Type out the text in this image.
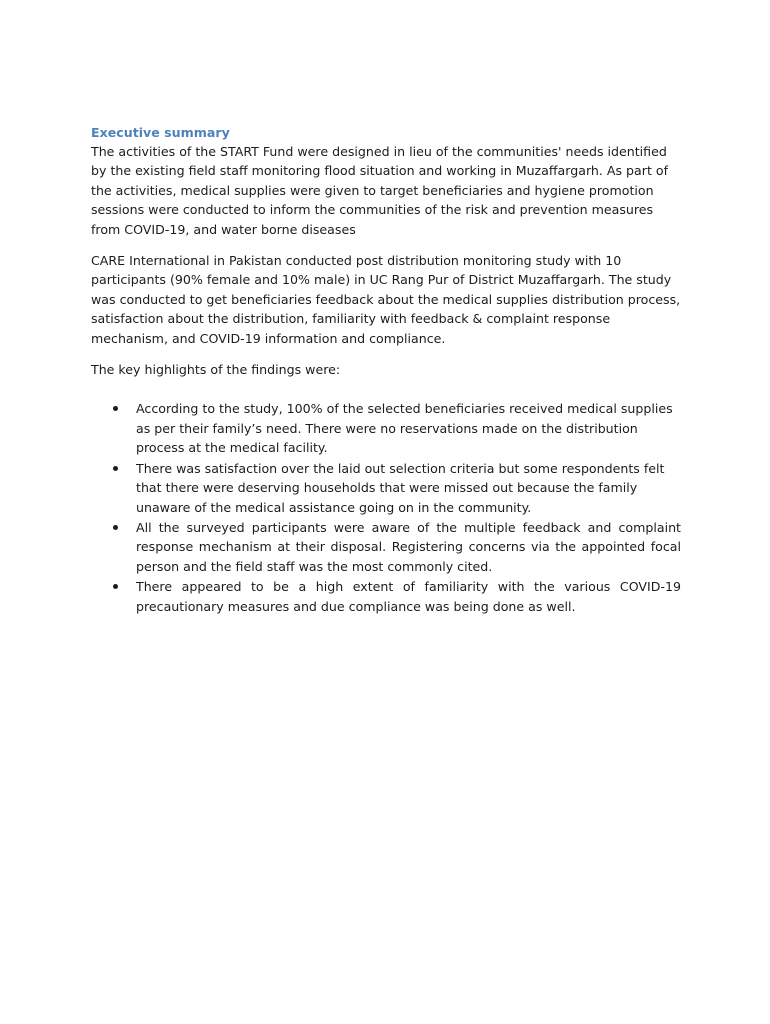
Executive summary

The activities of the START Fund were designed in lieu of the communities' needs identified by the existing field staff monitoring flood situation and working in Muzaffargarh. As part of the activities, medical supplies were given to target beneficiaries and hygiene promotion sessions were conducted to inform the communities of the risk and prevention measures from COVID-19, and water borne diseases

CARE International in Pakistan conducted post distribution monitoring study with 10 participants (90% female and 10% male) in UC Rang Pur of District Muzaffargarh. The study was conducted to get beneficiaries feedback about the medical supplies distribution process, satisfaction about the distribution, familiarity with feedback & complaint response mechanism, and COVID-19 information and compliance.

The key highlights of the findings were:

According to the study, 100% of the selected beneficiaries received medical supplies as per their family’s need. There were no reservations made on the distribution process at the medical facility.
There was satisfaction over the laid out selection criteria but some respondents felt that there were deserving households that were missed out because the family unaware of the medical assistance going on in the community.
All the surveyed participants were aware of the multiple feedback and complaint response mechanism at their disposal. Registering concerns via the appointed focal person and the field staff was the most commonly cited.
There appeared to be a high extent of familiarity with the various COVID-19 precautionary measures and due compliance was being done as well.
